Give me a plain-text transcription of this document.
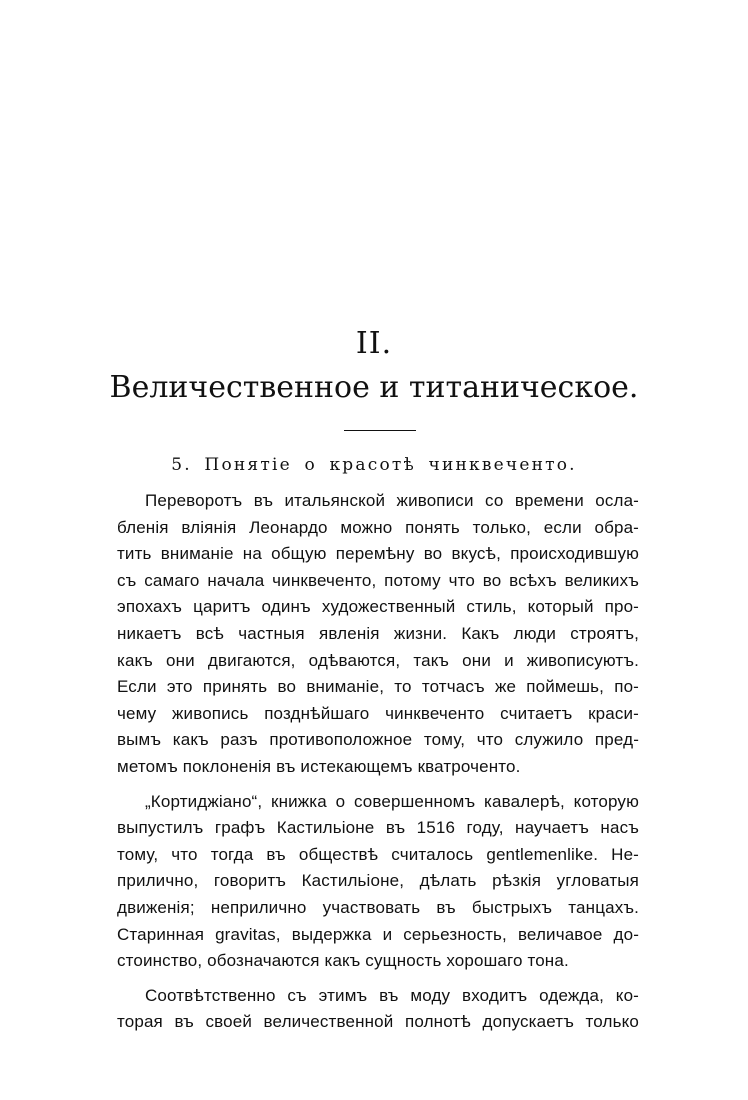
II.
Величественное и титаническое.
5. Понятіе о красотѣ чинквеченто.

Переворотъ въ итальянской живописи со времени осла-
бленія вліянія Леонардо можно понять только, если обра-
тить вниманіе на общую перемѣну во вкусѣ, происходившую
съ самаго начала чинквеченто, потому что во всѣхъ великихъ
эпохахъ царитъ одинъ художественный стиль, который про-
никаетъ всѣ частныя явленія жизни. Какъ люди строятъ,
какъ они двигаются, одѣваются, такъ они и живописуютъ.
Если это принять во вниманіе, то тотчасъ же поймешь, по-
чему живопись позднѣйшаго чинквеченто считаетъ краси-
вымъ какъ разъ противоположное тому, что служило пред-
метомъ поклоненія въ истекающемъ кватроченто.

„Кортиджіано“, книжка о совершенномъ кавалерѣ, которую
выпустилъ графъ Кастильіоне въ 1516 году, научаетъ насъ
тому, что тогда въ обществѣ считалось gentlemenlike. Не-
прилично, говоритъ Кастильіоне, дѣлать рѣзкія угловатыя
движенія; неприлично участвовать въ быстрыхъ танцахъ.
Старинная gravitas, выдержка и серьезность, величавое до-
стоинство, обозначаются какъ сущность хорошаго тона.

Соотвѣтственно съ этимъ въ моду входитъ одежда, ко-
торая въ своей величественной полнотѣ допускаетъ только
